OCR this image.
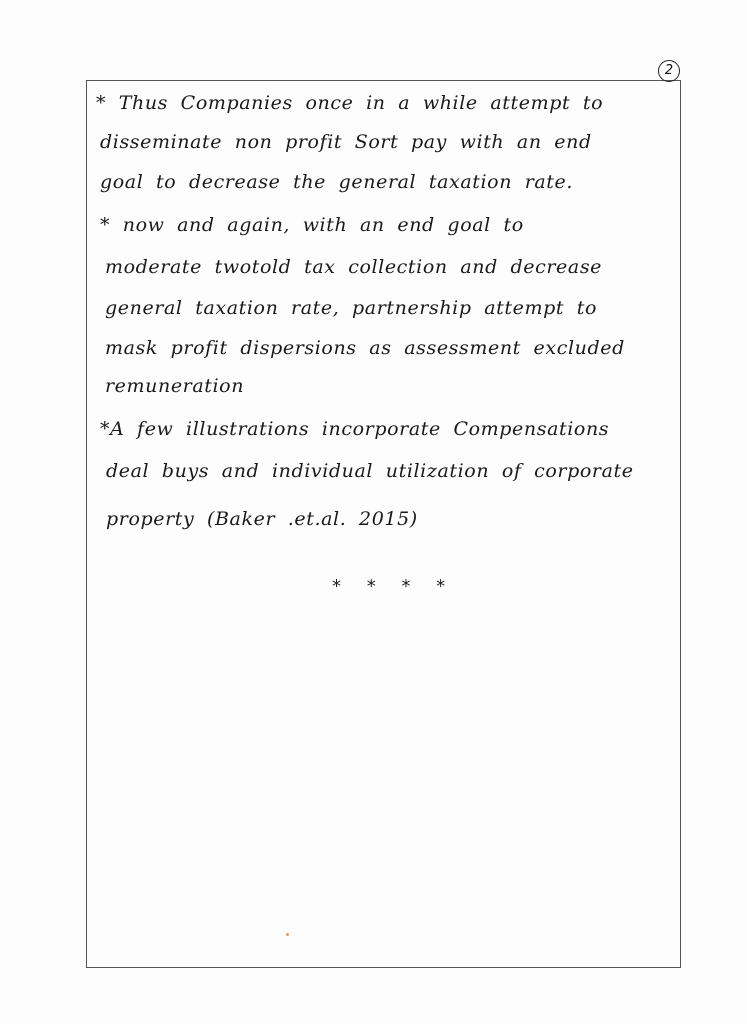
2
* Thus Companies once in a while attempt to
disseminate non profit Sort pay with an end
goal to decrease the general taxation rate.
* now and again, with an end goal to
moderate twotold tax collection and decrease
general taxation rate, partnership attempt to
mask profit dispersions as assessment excluded
remuneration
*A few illustrations incorporate Compensations
deal buys and individual utilization of corporate
property (Baker .et.al. 2015)
* * * *
